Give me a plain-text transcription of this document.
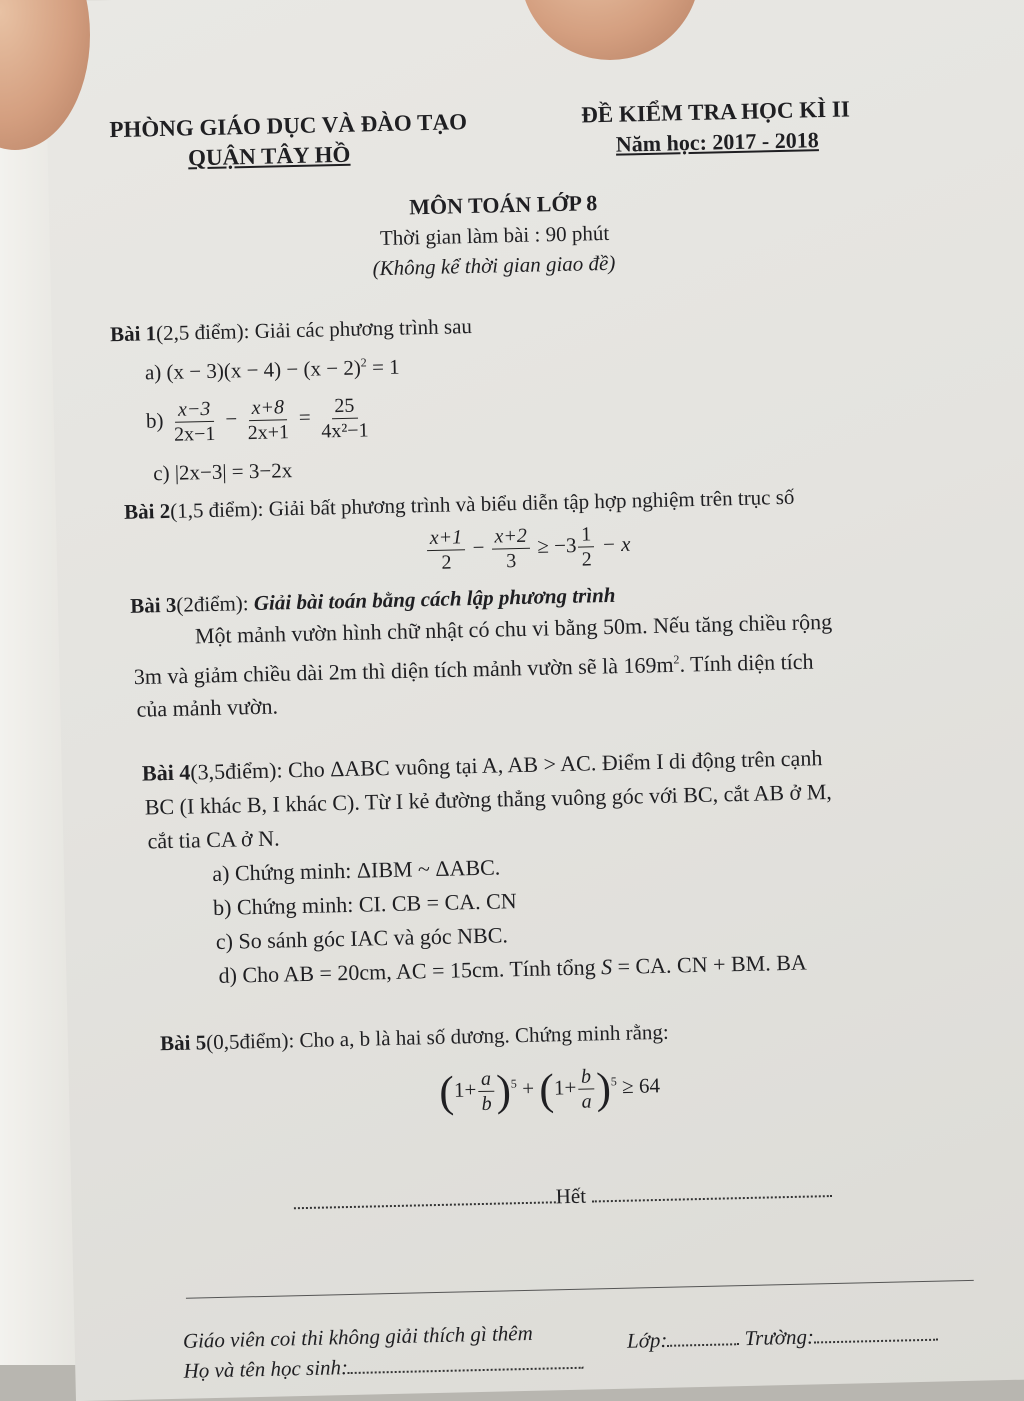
PHÒNG GIÁO DỤC VÀ ĐÀO TẠO
QUẬN TÂY HỒ
ĐỀ KIỂM TRA HỌC KÌ II
Năm học: 2017 - 2018
MÔN TOÁN LỚP 8
Thời gian làm bài : 90 phút
(Không kể thời gian giao đề)
Bài 1(2,5 điểm): Giải các phương trình sau
a) $(x - 3)(x - 4) - (x - 2)^2 = 1$
$b) \frac{x-3}{2x-1} - \frac{x+8}{2x+1} = \frac{25}{\text{4x²−1}}$
c) |2x−3| = 3−2x
Bài 2(1,5 điểm): Giải bất phương trình và biểu diễn tập hợp nghiệm trên trục số
$\frac{x+1}{2} - \frac{x+2}{3} \ge -3 \frac{1}{2} - x$
Bài 3(2điểm): Giải bài toán bằng cách lập phương trình
Một mảnh vườn hình chữ nhật có chu vi bằng 50m. Nếu tăng chiều rộng
3m và giảm chiều dài 2m thì diện tích mảnh vườn sẽ là $169m^2$. Tính diện tích
của mảnh vườn.
Bài 4(3,5điểm): Cho ΔABC vuông tại A, AB > AC. Điểm I di động trên cạnh
BC (I khác B, I khác C). Từ I kẻ đường thẳng vuông góc với BC, cắt AB ở M,
cắt tia CA ở N.
a) Chứng minh: ΔIBM ~ ΔABC.
b) Chứng minh: CI. CB = CA. CN
c) So sánh góc IAC và góc NBC.
d) Cho AB = 20cm, AC = 15cm. Tính tổng S = CA. CN + BM. BA
Bài 5(0,5điểm): Cho a, b là hai số dương. Chứng minh rằng:
$(1+ \frac{a}{b} )^5 + (1+ \frac{b}{a} )^5 \ge 64$
Hết
Giáo viên coi thi không giải thích gì thêm	Lớp:	Trường:
Họ và tên học sinh:
